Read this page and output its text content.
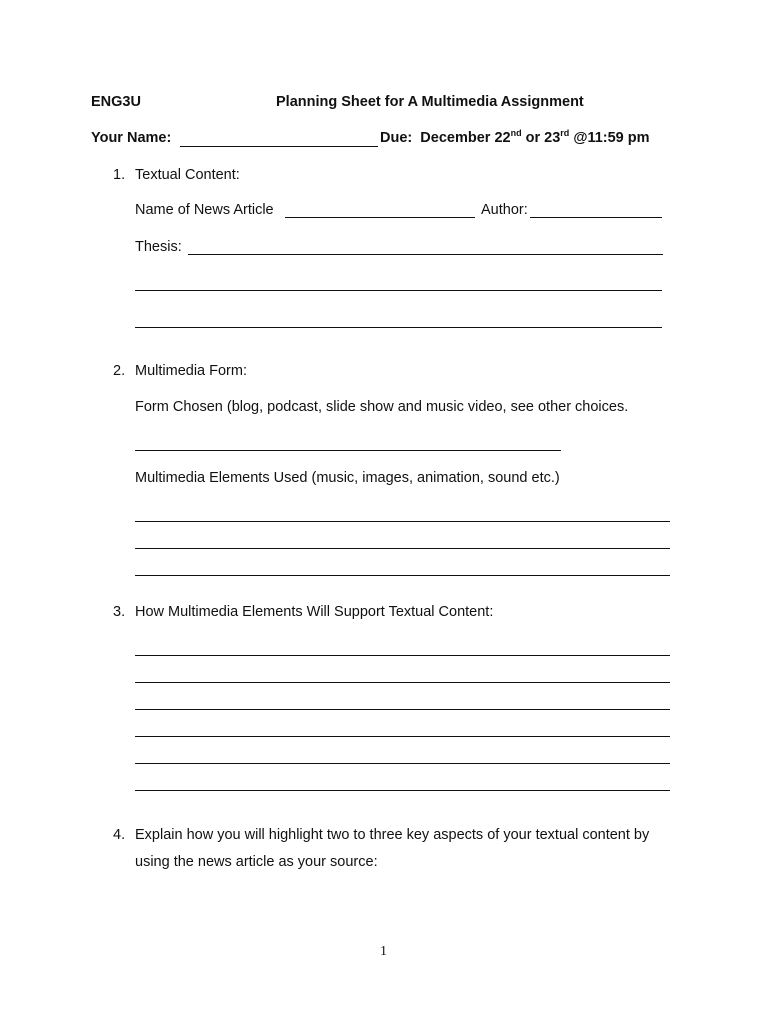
ENG3U	Planning Sheet for A Multimedia Assignment
Your Name:	Due: December 22nd or 23rd @11:59 pm
1. Textual Content:
Name of News Article	Author:
Thesis:
2. Multimedia Form:
Form Chosen (blog, podcast, slide show and music video, see other choices.
Multimedia Elements Used (music, images, animation, sound etc.)
3. How Multimedia Elements Will Support Textual Content:
4. Explain how you will highlight two to three key aspects of your textual content by
using the news article as your source:
1
